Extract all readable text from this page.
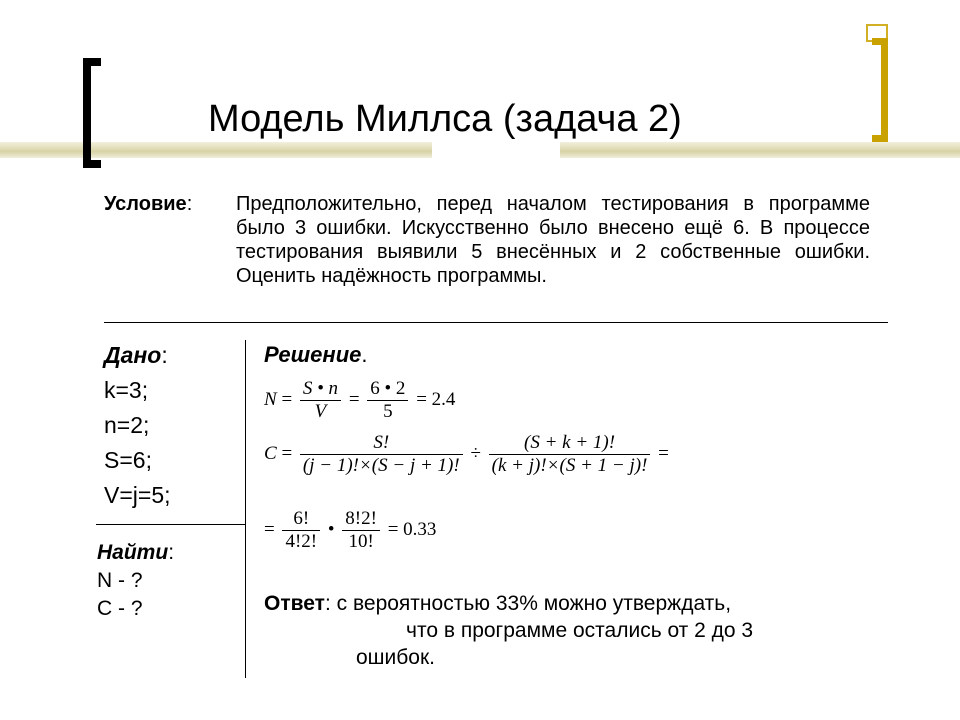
Модель Миллса (задача 2)
Условие: Предположительно, перед началом тестирования в программе было 3 ошибки. Искусственно было внесено ещё 6. В процессе тестирования выявили 5 внесённых и 2 собственные ошибки. Оценить надёжность программы.
Дано:
k=3;
n=2;
S=6;
V=j=5;
Найти:
N - ?
C - ?
Решение.
$N = \frac{S • n}{V} = \frac{6 • 2}{5} = 2.4$
$C = \frac{S!}{(j - 1)!\times(S - j + 1)!} \div \frac{(S + k + 1)!}{(k + j)!\times(S + 1 - j)!}$ =
= $\frac{6!}{4!2!}$ • $\frac{8!2!}{10!} = 0.33$
Ответ: с вероятностью 33% можно утверждать,
что в программе остались от 2 до 3
ошибок.
